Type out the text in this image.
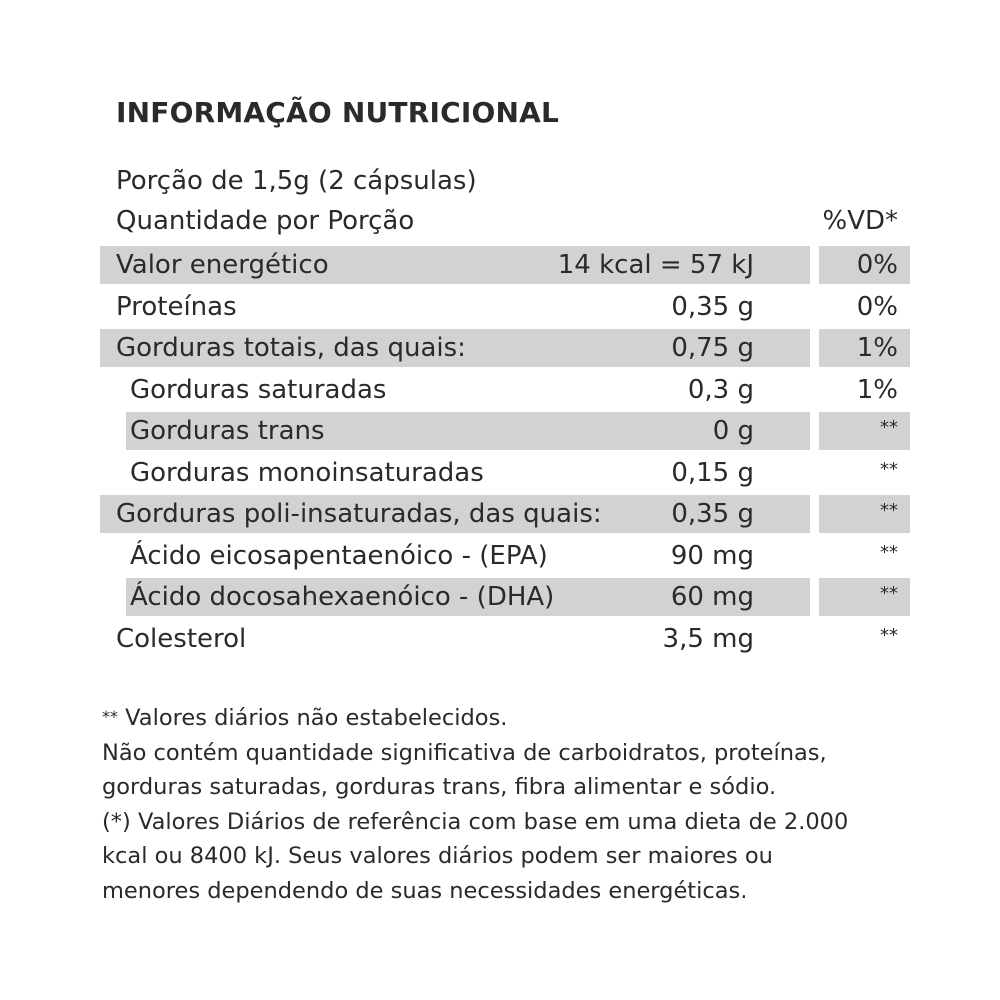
INFORMAÇÃO NUTRICIONAL
Porção de 1,5g (2 cápsulas)
Quantidade por Porção	%VD*
Valor energético	14 kcal = 57 kJ	0%
Proteínas	0,35 g	0%
Gorduras totais, das quais:	0,75 g	1%
Gorduras saturadas	0,3 g	1%
Gorduras trans	0 g	**
Gorduras monoinsaturadas	0,15 g	**
Gorduras poli-insaturadas, das quais:	0,35 g	**
Ácido eicosapentaenóico - (EPA)	90 mg	**
Ácido docosahexaenóico - (DHA)	60 mg	**
Colesterol	3,5 mg	**

** Valores diários não estabelecidos.

Não contém quantidade significativa de carboidratos, proteínas,

gorduras saturadas, gorduras trans, fibra alimentar e sódio.

(*) Valores Diários de referência com base em uma dieta de 2.000

kcal ou 8400 kJ. Seus valores diários podem ser maiores ou

menores dependendo de suas necessidades energéticas.
